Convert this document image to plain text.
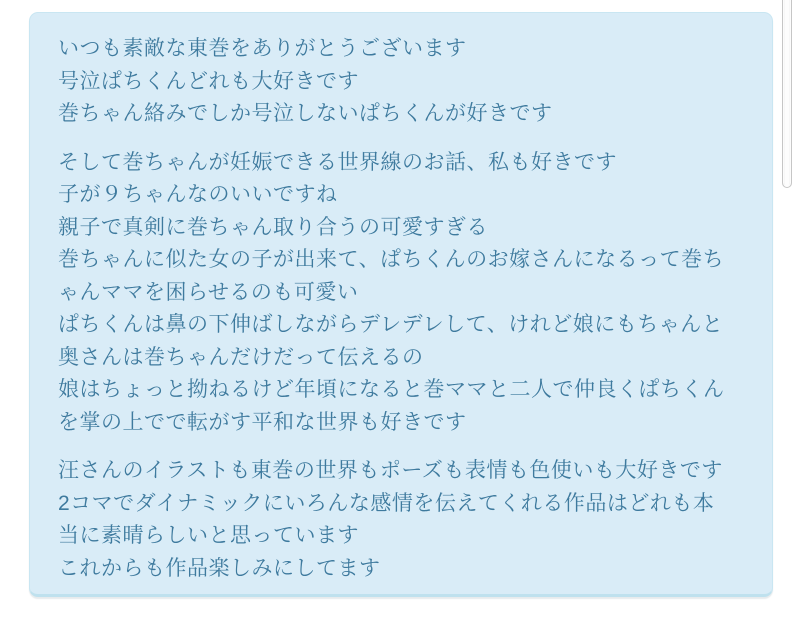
いつも素敵な東巻をありがとうございます
号泣ぱちくんどれも大好きです
巻ちゃん絡みでしか号泣しないぱちくんが好きです
そして巻ちゃんが妊娠できる世界線のお話、私も好きです
子が９ちゃんなのいいですね
親子で真剣に巻ちゃん取り合うの可愛すぎる
巻ちゃんに似た女の子が出来て、ぱちくんのお嫁さんになるって巻ち
ゃんママを困らせるのも可愛い
ぱちくんは鼻の下伸ばしながらデレデレして、けれど娘にもちゃんと
奥さんは巻ちゃんだけだって伝えるの
娘はちょっと拗ねるけど年頃になると巻ママと二人で仲良くぱちくん
を掌の上でで転がす平和な世界も好きです
汪さんのイラストも東巻の世界もポーズも表情も色使いも大好きです
2コマでダイナミックにいろんな感情を伝えてくれる作品はどれも本
当に素晴らしいと思っています
これからも作品楽しみにしてます
